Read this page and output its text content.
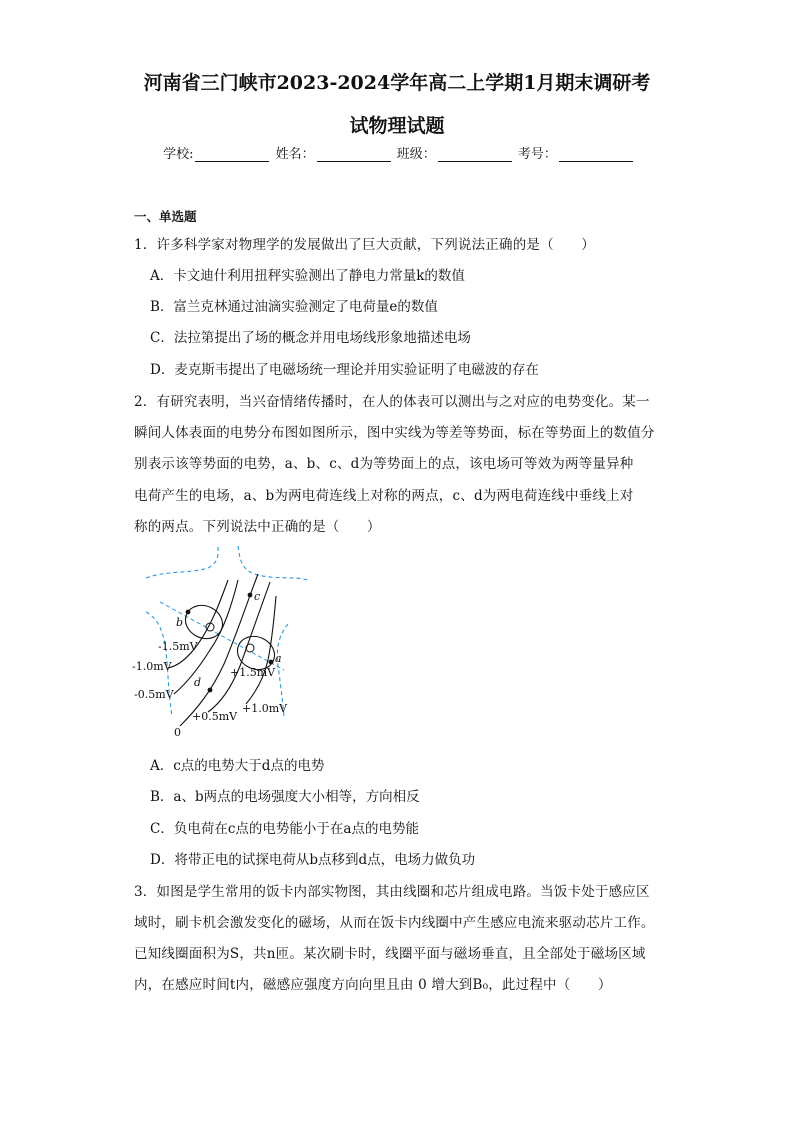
河南省三门峡市2023-2024学年高二上学期1月期末调研考
试物理试题
学校:	姓名：	班级：	考号：
一、单选题
1．许多科学家对物理学的发展做出了巨大贡献，下列说法正确的是（　　）
A．卡文迪什利用扭秤实验测出了静电力常量k的数值
B．富兰克林通过油滴实验测定了电荷量e的数值
C．法拉第提出了场的概念并用电场线形象地描述电场
D．麦克斯韦提出了电磁场统一理论并用实验证明了电磁波的存在
2．有研究表明，当兴奋情绪传播时，在人的体表可以测出与之对应的电势变化。某一
瞬间人体表面的电势分布图如图所示，图中实线为等差等势面，标在等势面上的数值分
别表示该等势面的电势，a、b、c、d为等势面上的点，该电场可等效为两等量异种
电荷产生的电场，a、b为两电荷连线上对称的两点，c、d为两电荷连线中垂线上对
称的两点。下列说法中正确的是（　　）
c
b
a
d
-1.5mV
-1.0mV
-0.5mV
0
+0.5mV
+1.0mV
+1.5mV
A．c点的电势大于d点的电势
B．a、b两点的电场强度大小相等，方向相反
C．负电荷在c点的电势能小于在a点的电势能
D．将带正电的试探电荷从b点移到d点，电场力做负功
3．如图是学生常用的饭卡内部实物图，其由线圈和芯片组成电路。当饭卡处于感应区
域时，刷卡机会激发变化的磁场，从而在饭卡内线圈中产生感应电流来驱动芯片工作。
已知线圈面积为S，共n匝。某次刷卡时，线圈平面与磁场垂直，且全部处于磁场区域
内，在感应时间t内，磁感应强度方向向里且由 0 增大到B₀，此过程中（　　）
